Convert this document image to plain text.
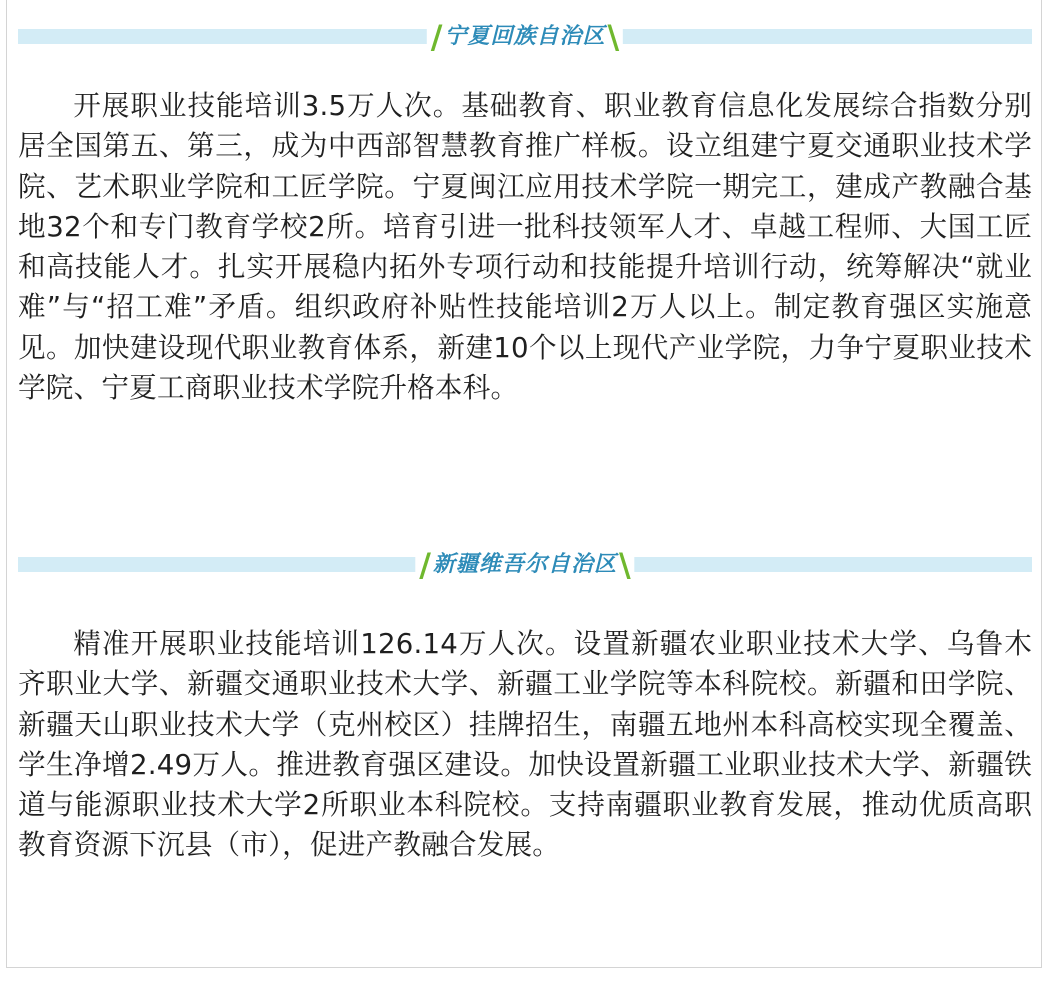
/ 宁夏回族自治区 \

开展职业技能培训3.5万人次。基础教育、职业教育信息化发展综合指数分别居全国第五、第三，成为中西部智慧教育推广样板。设立组建宁夏交通职业技术学院、艺术职业学院和工匠学院。宁夏闽江应用技术学院一期完工，建成产教融合基地32个和专门教育学校2所。培育引进一批科技领军人才、卓越工程师、大国工匠和高技能人才。扎实开展稳内拓外专项行动和技能提升培训行动，统筹解决“就业难”与“招工难”矛盾。组织政府补贴性技能培训2万人以上。制定教育强区实施意见。加快建设现代职业教育体系，新建10个以上现代产业学院，力争宁夏职业技术学院、宁夏工商职业技术学院升格本科。

/ 新疆维吾尔自治区 \

精准开展职业技能培训126.14万人次。设置新疆农业职业技术大学、乌鲁木齐职业大学、新疆交通职业技术大学、新疆工业学院等本科院校。新疆和田学院、新疆天山职业技术大学（克州校区）挂牌招生，南疆五地州本科高校实现全覆盖、学生净增2.49万人。推进教育强区建设。加快设置新疆工业职业技术大学、新疆铁道与能源职业技术大学2所职业本科院校。支持南疆职业教育发展，推动优质高职教育资源下沉县（市），促进产教融合发展。
